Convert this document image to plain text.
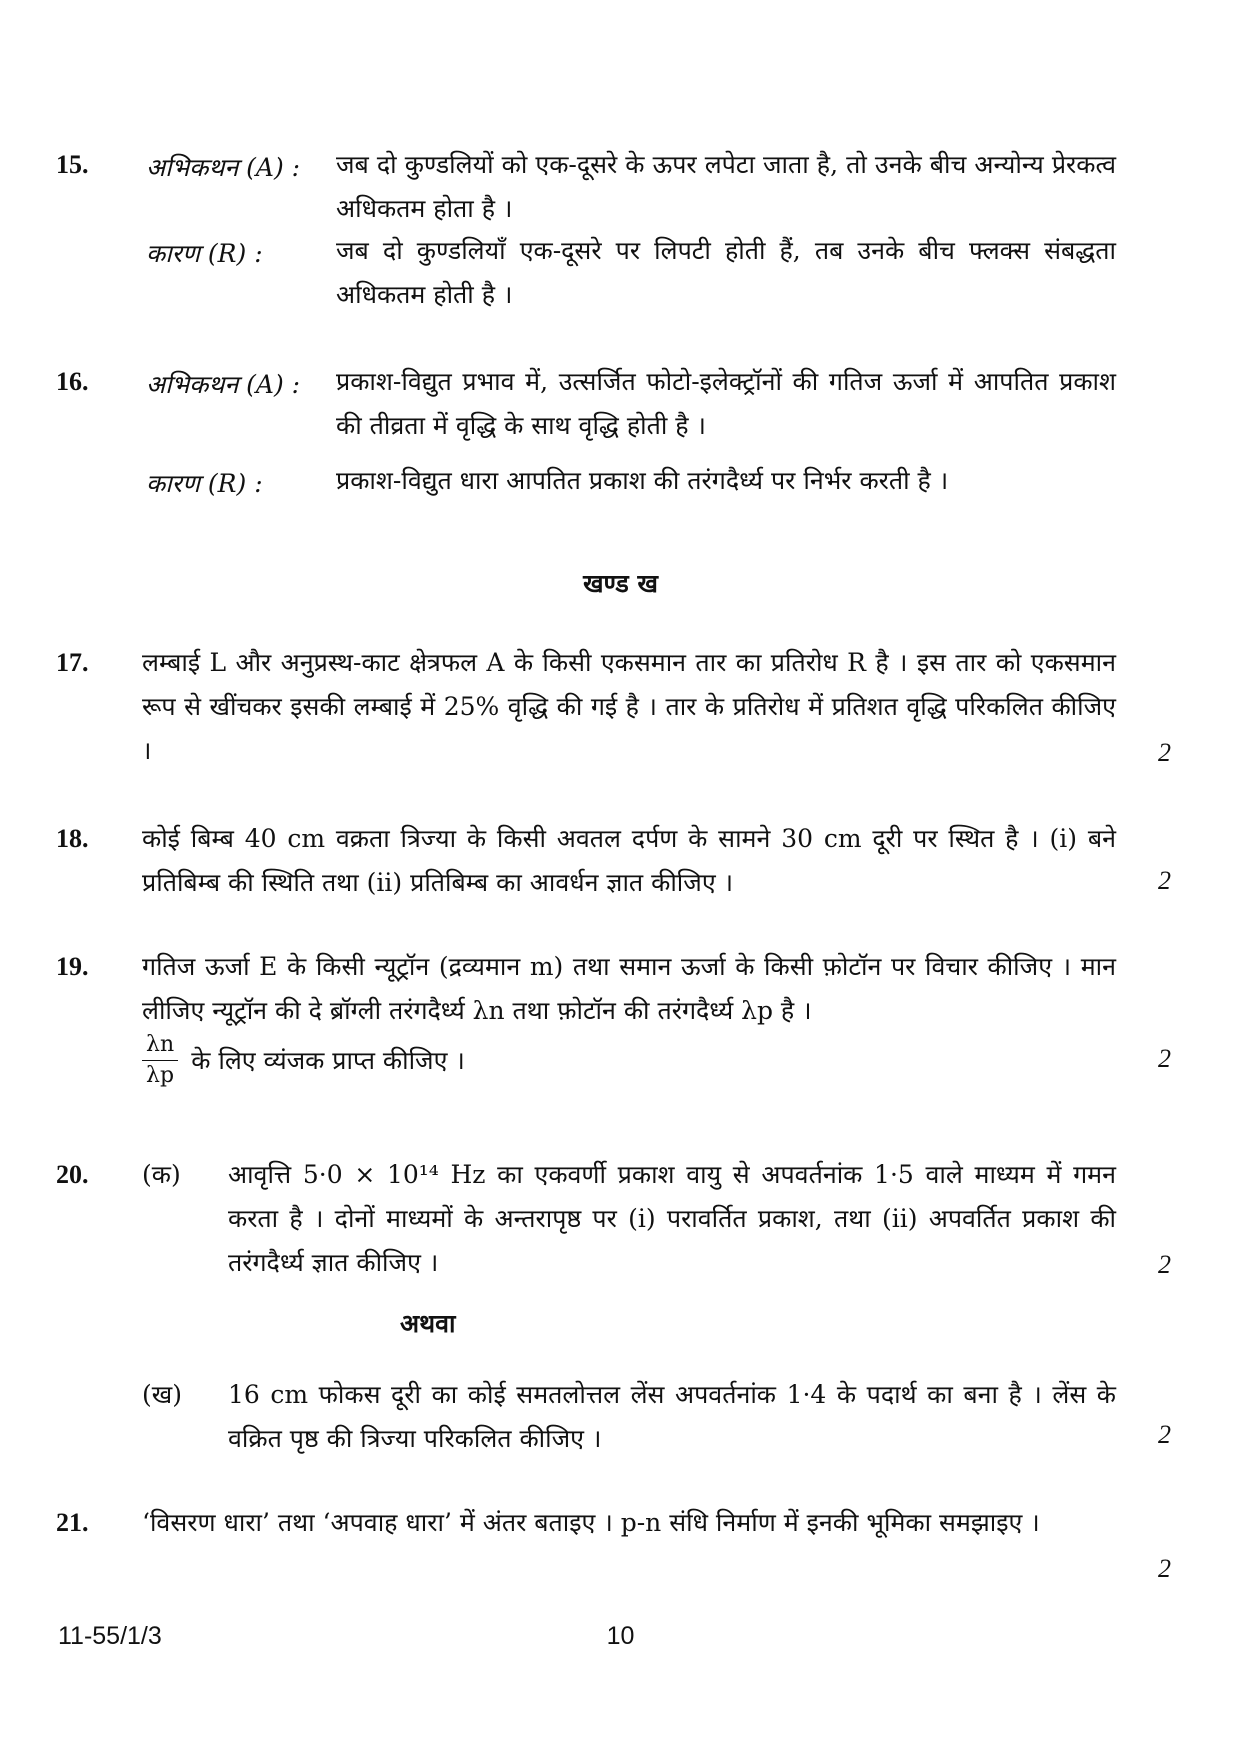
15. अभिकथन (A) : जब दो कुण्डलियों को एक-दूसरे के ऊपर लपेटा जाता है, तो उनके बीच अन्योन्य प्रेरकत्व अधिकतम होता है ।
कारण (R) :	जब दो कुण्डलियाँ एक-दूसरे पर लिपटी होती हैं, तब उनके बीच फ्लक्स संबद्धता अधिकतम होती है ।
16. अभिकथन (A) : प्रकाश-विद्युत प्रभाव में, उत्सर्जित फोटो-इलेक्ट्रॉनों की गतिज ऊर्जा में आपतित प्रकाश की तीव्रता में वृद्धि के साथ वृद्धि होती है ।
कारण (R) :	प्रकाश-विद्युत धारा आपतित प्रकाश की तरंगदैर्ध्य पर निर्भर करती है ।
खण्ड ख
17. लम्बाई L और अनुप्रस्थ-काट क्षेत्रफल A के किसी एकसमान तार का प्रतिरोध R है । इस तार को एकसमान रूप से खींचकर इसकी लम्बाई में 25% वृद्धि की गई है । तार के प्रतिरोध में प्रतिशत वृद्धि परिकलित कीजिए ।	2
18. कोई बिम्ब 40 cm वक्रता त्रिज्या के किसी अवतल दर्पण के सामने 30 cm दूरी पर स्थित है । (i) बने प्रतिबिम्ब की स्थिति तथा (ii) प्रतिबिम्ब का आवर्धन ज्ञात कीजिए ।	2
19. गतिज ऊर्जा E के किसी न्यूट्रॉन (द्रव्यमान m) तथा समान ऊर्जा के किसी फ़ोटॉन पर विचार कीजिए । मान लीजिए न्यूट्रॉन की दे ब्रॉग्ली तरंगदैर्ध्य λn तथा फ़ोटॉन की तरंगदैर्ध्य λp है ।
$\frac{\lambda n}{\lambda p}$ के लिए व्यंजक प्राप्त कीजिए ।	2
20. (क) आवृत्ति 5·0 × 10¹⁴ Hz का एकवर्णी प्रकाश वायु से अपवर्तनांक 1·5 वाले माध्यम में गमन करता है । दोनों माध्यमों के अन्तरापृष्ठ पर (i) परावर्तित प्रकाश, तथा (ii) अपवर्तित प्रकाश की तरंगदैर्ध्य ज्ञात कीजिए ।	2
अथवा
(ख) 16 cm फोकस दूरी का कोई समतलोत्तल लेंस अपवर्तनांक 1·4 के पदार्थ का बना है । लेंस के वक्रित पृष्ठ की त्रिज्या परिकलित कीजिए ।	2
21. ‘विसरण धारा’ तथा ‘अपवाह धारा’ में अंतर बताइए । p-n संधि निर्माण में इनकी भूमिका समझाइए ।
2
11-55/1/3	10
